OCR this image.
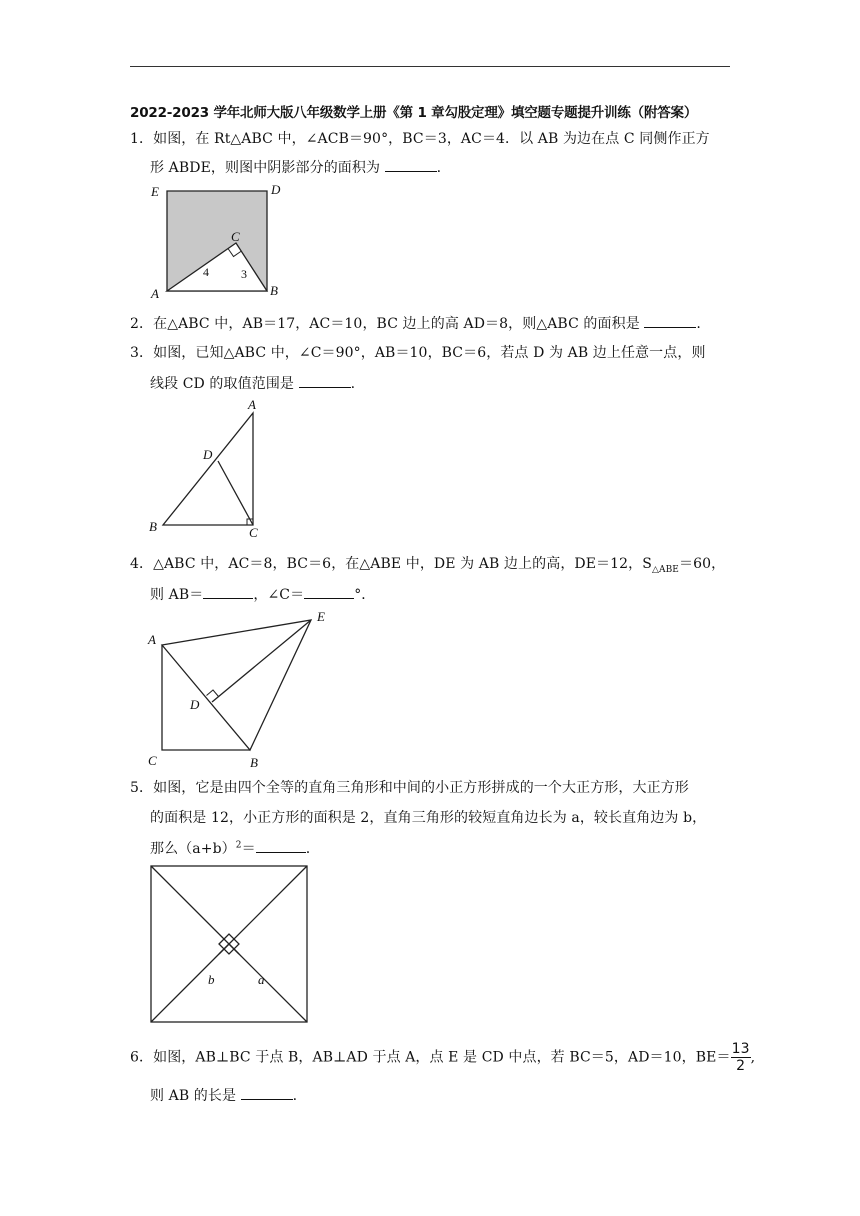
2022-2023 学年北师大版八年级数学上册《第 1 章勾股定理》填空题专题提升训练（附答案）
1．如图，在 Rt△ABC 中，∠ACB＝90°，BC＝3，AC＝4．以 AB 为边在点 C 同侧作正方
形 ABDE，则图中阴影部分的面积为	.
E	D
C
A	B
4	3
2．在△ABC 中，AB＝17，AC＝10，BC 边上的高 AD＝8，则△ABC 的面积是	.
3．如图，已知△ABC 中，∠C＝90°，AB＝10，BC＝6，若点 D 为 AB 边上任意一点，则
线段 CD 的取值范围是	.
A
D
B	C
4．△ABC 中，AC＝8，BC＝6，在△ABE 中，DE 为 AB 边上的高，DE＝12，$S_{\triangle ABE}=60$，
则 AB＝	，∠C＝	°．
A
E
D
C	B
5．如图，它是由四个全等的直角三角形和中间的小正方形拼成的一个大正方形，大正方形
的面积是 12，小正方形的面积是 2，直角三角形的较短直角边长为 a，较长直角边为 b，
那么$(a+b)^2=$	.
b	a
6．如图，AB⊥BC 于点 B，AB⊥AD 于点 A，点 E 是 CD 中点，若 BC＝5，AD＝10，$BE= \frac{13}{2}$ ,
则 AB 的长是	.
